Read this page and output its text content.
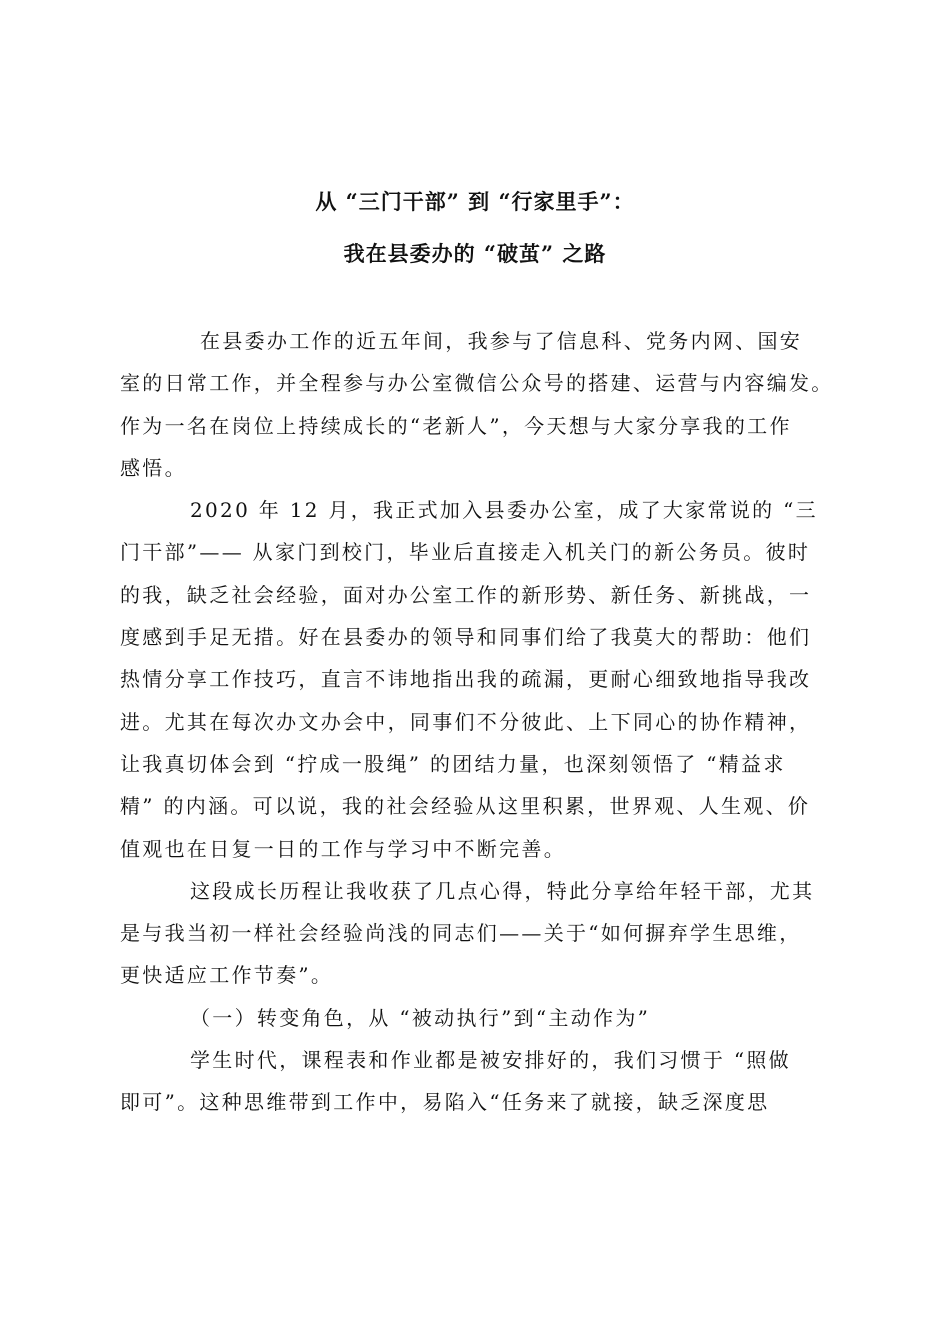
从 “三门干部” 到 “行家里手”：
我在县委办的 “破茧” 之路
在县委办工作的近五年间，我参与了信息科、党务内网、国安
室的日常工作，并全程参与办公室微信公众号的搭建、运营与内容编发。
作为一名在岗位上持续成长的“老新人”，今天想与大家分享我的工作
感悟。
2020 年 12 月，我正式加入县委办公室，成了大家常说的 “三
门干部”—— 从家门到校门，毕业后直接走入机关门的新公务员。彼时
的我，缺乏社会经验，面对办公室工作的新形势、新任务、新挑战，一
度感到手足无措。好在县委办的领导和同事们给了我莫大的帮助：他们
热情分享工作技巧，直言不讳地指出我的疏漏，更耐心细致地指导我改
进。尤其在每次办文办会中，同事们不分彼此、上下同心的协作精神，
让我真切体会到 “拧成一股绳” 的团结力量，也深刻领悟了 “精益求
精” 的内涵。可以说，我的社会经验从这里积累，世界观、人生观、价
值观也在日复一日的工作与学习中不断完善。
这段成长历程让我收获了几点心得，特此分享给年轻干部，尤其
是与我当初一样社会经验尚浅的同志们——关于“如何摒弃学生思维，
更快适应工作节奏”。
（一）转变角色，从 “被动执行”到“主动作为”
学生时代，课程表和作业都是被安排好的，我们习惯于 “照做
即可”。这种思维带到工作中，易陷入“任务来了就接，缺乏深度思
